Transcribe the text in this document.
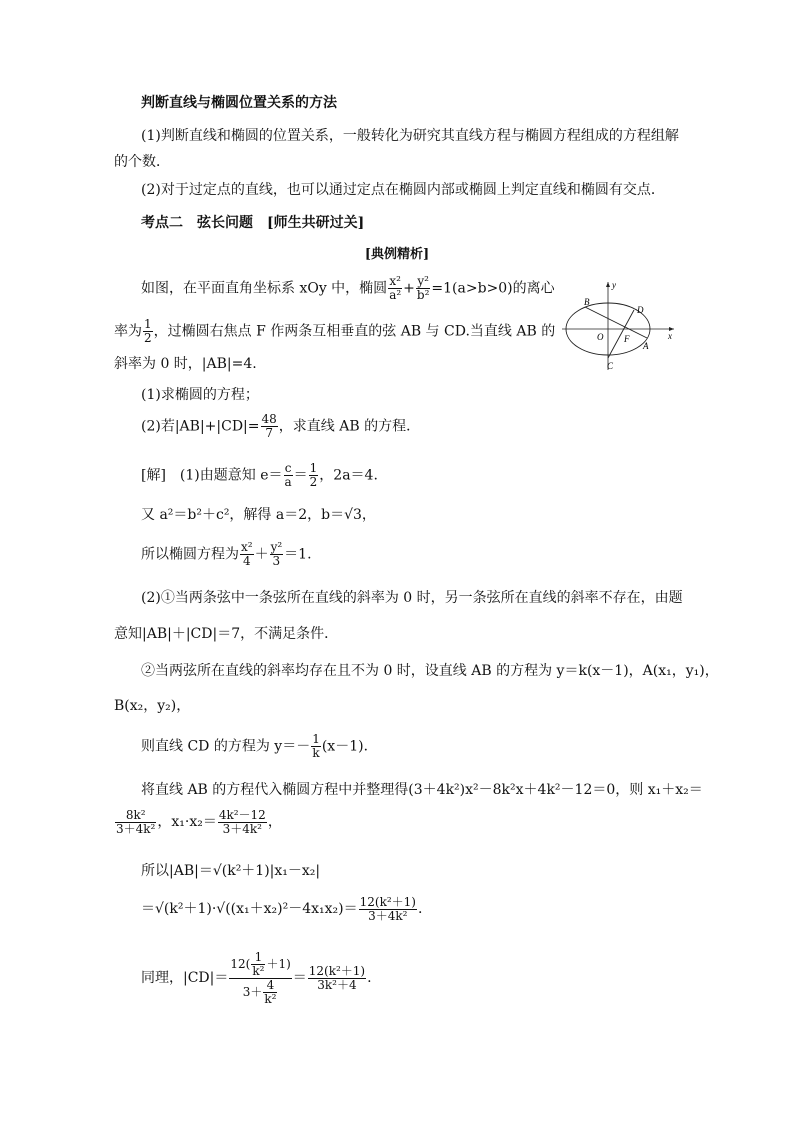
判断直线与椭圆位置关系的方法
(1)判断直线和椭圆的位置关系，一般转化为研究其直线方程与椭圆方程组成的方程组解
的个数．
(2)对于过定点的直线，也可以通过定点在椭圆内部或椭圆上判定直线和椭圆有交点．
考点二　弦长问题　[师生共研过关]
[典例精析]
如图，在平面直角坐标系 xOy 中，椭圆 $\frac{\text{x²}}{\text{a²}} + \frac{\text{y²}}{\text{b²}} =1(a>b>0)$的离心
率为 $\frac{1}{2}$ ，过椭圆右焦点 F 作两条互相垂直的弦 AB 与 CD.当直线 AB 的
斜率为 0 时，|AB|=4.
(1)求椭圆的方程；
(2)若$|AB|+|CD|= \frac{48}{7}$ ，求直线 AB 的方程．
y
x
O F
A
B
C
D
[解]　(1)由题意知 $e= \frac{c}{a} = \frac{1}{2}$ ，2a＝4.
又 a²＝b²＋c²，解得 a＝2，b＝√3，
所以椭圆方程为 $\frac{\text{x²}}{4} + \frac{\text{y²}}{3} =1$.
(2)①当两条弦中一条弦所在直线的斜率为 0 时，另一条弦所在直线的斜率不存在，由题
意知|AB|＋|CD|＝7，不满足条件．
②当两弦所在直线的斜率均存在且不为 0 时，设直线 AB 的方程为 y＝k(x－1)，A(x₁，y₁)，
B(x₂，y₂)，
则直线 CD 的方程为 $y=- \frac{1}{k} (x-1)$．
将直线 AB 的方程代入椭圆方程中并整理得(3＋4k²)x²－8k²x＋4k²－12＝0，则 x₁＋x₂＝
$\frac{\text{8k²}}{\text{3＋4k²}}$ ，$x_1\cdot x_2= \frac{\text{4k²－12}}{\text{3＋4k²}}$ ，
所以|AB|＝√(k²＋1)|x₁－x₂|
$=√(k^2+1)\cdot√((x_1+x_2)^2-4x_1x_2)= \frac{\text{12(k²＋1)}}{\text{3＋4k²}}$ .
同理，$|CD|= \frac{12( \frac{1}{\text{k²}} +1)}{3+ \frac{4}{\text{k²}}} = \frac{\text{12(k²＋1)}}{\text{3k²＋4}}$ .
